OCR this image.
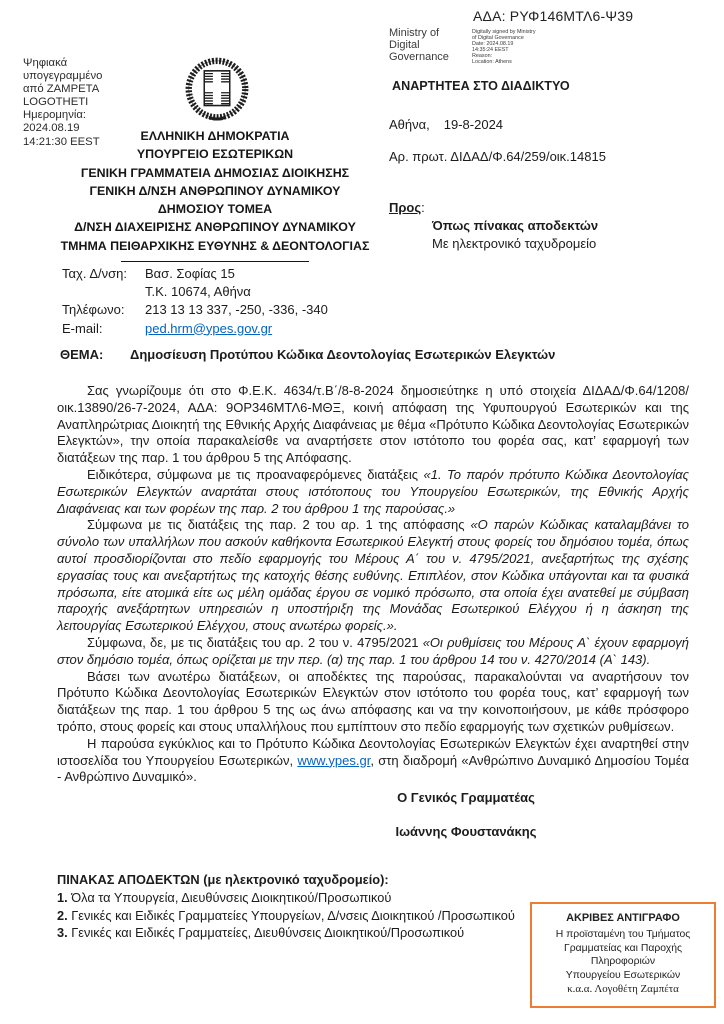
Ψηφιακά
υπογεγραμμένο
από ZAMPETA
LOGOTHETI
Ημερομηνία:
2024.08.19
14:21:30 EEST	ΕΛΛΗΝΙΚΗ ΔΗΜΟΚΡΑΤΙΑ
ΥΠΟΥΡΓΕΙΟ ΕΣΩΤΕΡΙΚΩΝ
ΓΕΝΙΚΗ ΓΡΑΜΜΑΤΕΙΑ ΔΗΜΟΣΙΑΣ ΔΙΟΙΚΗΣΗΣ
ΓΕΝΙΚΗ Δ/ΝΣΗ ΑΝΘΡΩΠΙΝΟΥ ΔΥΝΑΜΙΚΟΥ
ΔΗΜΟΣΙΟΥ ΤΟΜΕΑ
Δ/ΝΣΗ ΔΙΑΧΕΙΡΙΣΗΣ ΑΝΘΡΩΠΙΝΟΥ ΔΥΝΑΜΙΚΟΥ
ΤΜΗΜΑ ΠΕΙΘΑΡΧΙΚΗΣ ΕΥΘΥΝΗΣ & ΔΕΟΝΤΟΛΟΓΙΑΣ
ΑΔΑ: ΡΥΦ146ΜΤΛ6-Ψ39
Ministry of
Digital
Governance
Digitally signed by Ministry
of Digital Governance
Date: 2024.08.19
14:35:24 EEST
Reason:
Location: Athens
ΑΝΑΡΤΗΤΕΑ ΣΤΟ ΔΙΑΔΙΚΤΥΟ
Αθήνα, 19-8-2024
Αρ. πρωτ. ΔΙΔΑΔ/Φ.64/259/οικ.14815
Προς:
Όπως πίνακας αποδεκτών
Με ηλεκτρονικό ταχυδρομείο
Ταχ. Δ/νση:	Βασ. Σοφίας 15
Τ.Κ. 10674, Αθήνα
Τηλέφωνο:	213 13 13 337, -250, -336, -340
E-mail:	ped.hrm@ypes.gov.gr
ΘΕΜΑ:	Δημοσίευση Προτύπου Κώδικα Δεοντολογίας Εσωτερικών Ελεγκτών

Σας γνωρίζουμε ότι στο Φ.Ε.Κ. 4634/τ.Β΄/8-8-2024 δημοσιεύτηκε η υπό στοιχεία ΔΙΔΑΔ/Φ.64/1208/οικ.13890/26-7-2024, ΑΔΑ: 9ΟΡ346ΜΤΛ6-ΜΘΞ, κοινή απόφαση της Υφυπουργού Εσωτερικών και της Αναπληρώτριας Διοικητή της Εθνικής Αρχής Διαφάνειας με θέμα «Πρότυπο Κώδικα Δεοντολογίας Εσωτερικών Ελεγκτών», την οποία παρακαλείσθε να αναρτήσετε στον ιστότοπο του φορέα σας, κατ’ εφαρμογή των διατάξεων της παρ. 1 του άρθρου 5 της Απόφασης.

Ειδικότερα, σύμφωνα με τις προαναφερόμενες διατάξεις «1. Το παρόν πρότυπο Κώδικα Δεοντολογίας Εσωτερικών Ελεγκτών αναρτάται στους ιστότοπους του Υπουργείου Εσωτερικών, της Εθνικής Αρχής Διαφάνειας και των φορέων της παρ. 2 του άρθρου 1 της παρούσας.»

Σύμφωνα με τις διατάξεις της παρ. 2 του αρ. 1 της απόφασης «Ο παρών Κώδικας καταλαμβάνει το σύνολο των υπαλλήλων που ασκούν καθήκοντα Εσωτερικού Ελεγκτή στους φορείς του δημόσιου τομέα, όπως αυτοί προσδιορίζονται στο πεδίο εφαρμογής του Μέρους Α΄ του ν. 4795/2021, ανεξαρτήτως της σχέσης εργασίας τους και ανεξαρτήτως της κατοχής θέσης ευθύνης. Επιπλέον, στον Κώδικα υπάγονται και τα φυσικά πρόσωπα, είτε ατομικά είτε ως μέλη ομάδας έργου σε νομικό πρόσωπο, στα οποία έχει ανατεθεί με σύμβαση παροχής ανεξάρτητων υπηρεσιών η υποστήριξη της Μονάδας Εσωτερικού Ελέγχου ή η άσκηση της λειτουργίας Εσωτερικού Ελέγχου, στους ανωτέρω φορείς.».

Σύμφωνα, δε, με τις διατάξεις του αρ. 2 του ν. 4795/2021 «Οι ρυθμίσεις του Μέρους Α` έχουν εφαρμογή στον δημόσιο τομέα, όπως ορίζεται με την περ. (α) της παρ. 1 του άρθρου 14 του ν. 4270/2014 (Α` 143).

Βάσει των ανωτέρω διατάξεων, οι αποδέκτες της παρούσας, παρακαλούνται να αναρτήσουν τον Πρότυπο Κώδικα Δεοντολογίας Εσωτερικών Ελεγκτών στον ιστότοπο του φορέα τους, κατ’ εφαρμογή των διατάξεων της παρ. 1 του άρθρου 5 της ως άνω απόφασης και να την κοινοποιήσουν, με κάθε πρόσφορο τρόπο, στους φορείς και στους υπαλλήλους που εμπίπτουν στο πεδίο εφαρμογής των σχετικών ρυθμίσεων.

Η παρούσα εγκύκλιος και το Πρότυπο Κώδικα Δεοντολογίας Εσωτερικών Ελεγκτών έχει αναρτηθεί στην ιστοσελίδα του Υπουργείου Εσωτερικών, www.ypes.gr, στη διαδρομή «Ανθρώπινο Δυναμικό Δημοσίου Τομέα - Ανθρώπινο Δυναμικό».

Ο Γενικός Γραμματέας
Ιωάννης Φουστανάκης
ΠΙΝΑΚΑΣ ΑΠΟΔΕΚΤΩΝ (με ηλεκτρονικό ταχυδρομείο):
1. Όλα τα Υπουργεία, Διευθύνσεις Διοικητικού/Προσωπικού
2. Γενικές και Ειδικές Γραμματείες Υπουργείων, Δ/νσεις Διοικητικού /Προσωπικού
3. Γενικές και Ειδικές Γραμματείες, Διευθύνσεις Διοικητικού/Προσωπικού
ΑΚΡΙΒΕΣ ΑΝΤΙΓΡΑΦΟ
Η προϊσταμένη του Τμήματος
Γραμματείας και Παροχής
Πληροφοριών
Υπουργείου Εσωτερικών
κ.α.α. Λογοθέτη Ζαμπέτα
